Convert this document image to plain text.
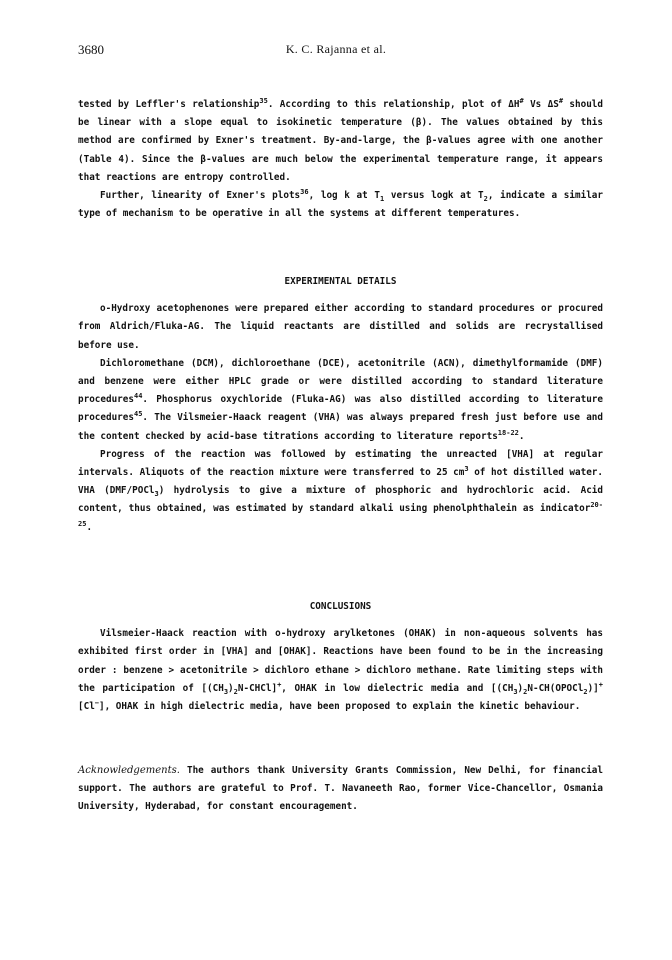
3680	K. C. Rajanna et al.

tested by Leffler's relationship$^{35}$. According to this relationship, plot of ΔH# Vs ΔS# should be linear with a slope equal to isokinetic temperature (β). The values obtained by this method are confirmed by Exner's treatment. By-and-large, the β-values agree with one another (Table 4). Since the β-values are much below the experimental temperature range, it appears that reactions are entropy controlled.

Further, linearity of Exner's plots$^{36}$, log k at $T_1$ versus logk at $T_2$, indicate a similar type of mechanism to be operative in all the systems at different temperatures.

EXPERIMENTAL DETAILS

o-Hydroxy acetophenones were prepared either according to standard procedures or procured from Aldrich/Fluka-AG. The liquid reactants are distilled and solids are recrystallised before use.

Dichloromethane (DCM), dichloroethane (DCE), acetonitrile (ACN), dimethylformamide (DMF) and benzene were either HPLC grade or were distilled according to standard literature procedures$^{44}$. Phosphorus oxychloride (Fluka-AG) was also distilled according to literature procedures$^{45}$. The Vilsmeier-Haack reagent (VHA) was always prepared fresh just before use and the content checked by acid-base titrations according to literature reports$^{18-22}$.

Progress of the reaction was followed by estimating the unreacted [VHA] at regular intervals. Aliquots of the reaction mixture were transferred to 25 $cm^3$ of hot distilled water. VHA (DMF/POCl$_3$) hydrolysis to give a mixture of phosphoric and hydrochloric acid. Acid content, thus obtained, was estimated by standard alkali using phenolphthalein as indicator$^{20-25}$.

CONCLUSIONS

Vilsmeier-Haack reaction with o-hydroxy arylketones (OHAK) in non-aqueous solvents has exhibited first order in [VHA] and [OHAK]. Reactions have been found to be in the increasing order : benzene > acetonitrile > dichloro ethane > dichloro methane. Rate limiting steps with the participation of $[(CH_3)_2N-CHCl]^+$, OHAK in low dielectric media and $[(CH_3)_2N-CH(OPOCl_2)]^+[Cl^-]$, OHAK in high dielectric media, have been proposed to explain the kinetic behaviour.

Acknowledgements. The authors thank University Grants Commission, New Delhi, for financial support. The authors are grateful to Prof. T. Navaneeth Rao, former Vice-Chancellor, Osmania University, Hyderabad, for constant encouragement.
